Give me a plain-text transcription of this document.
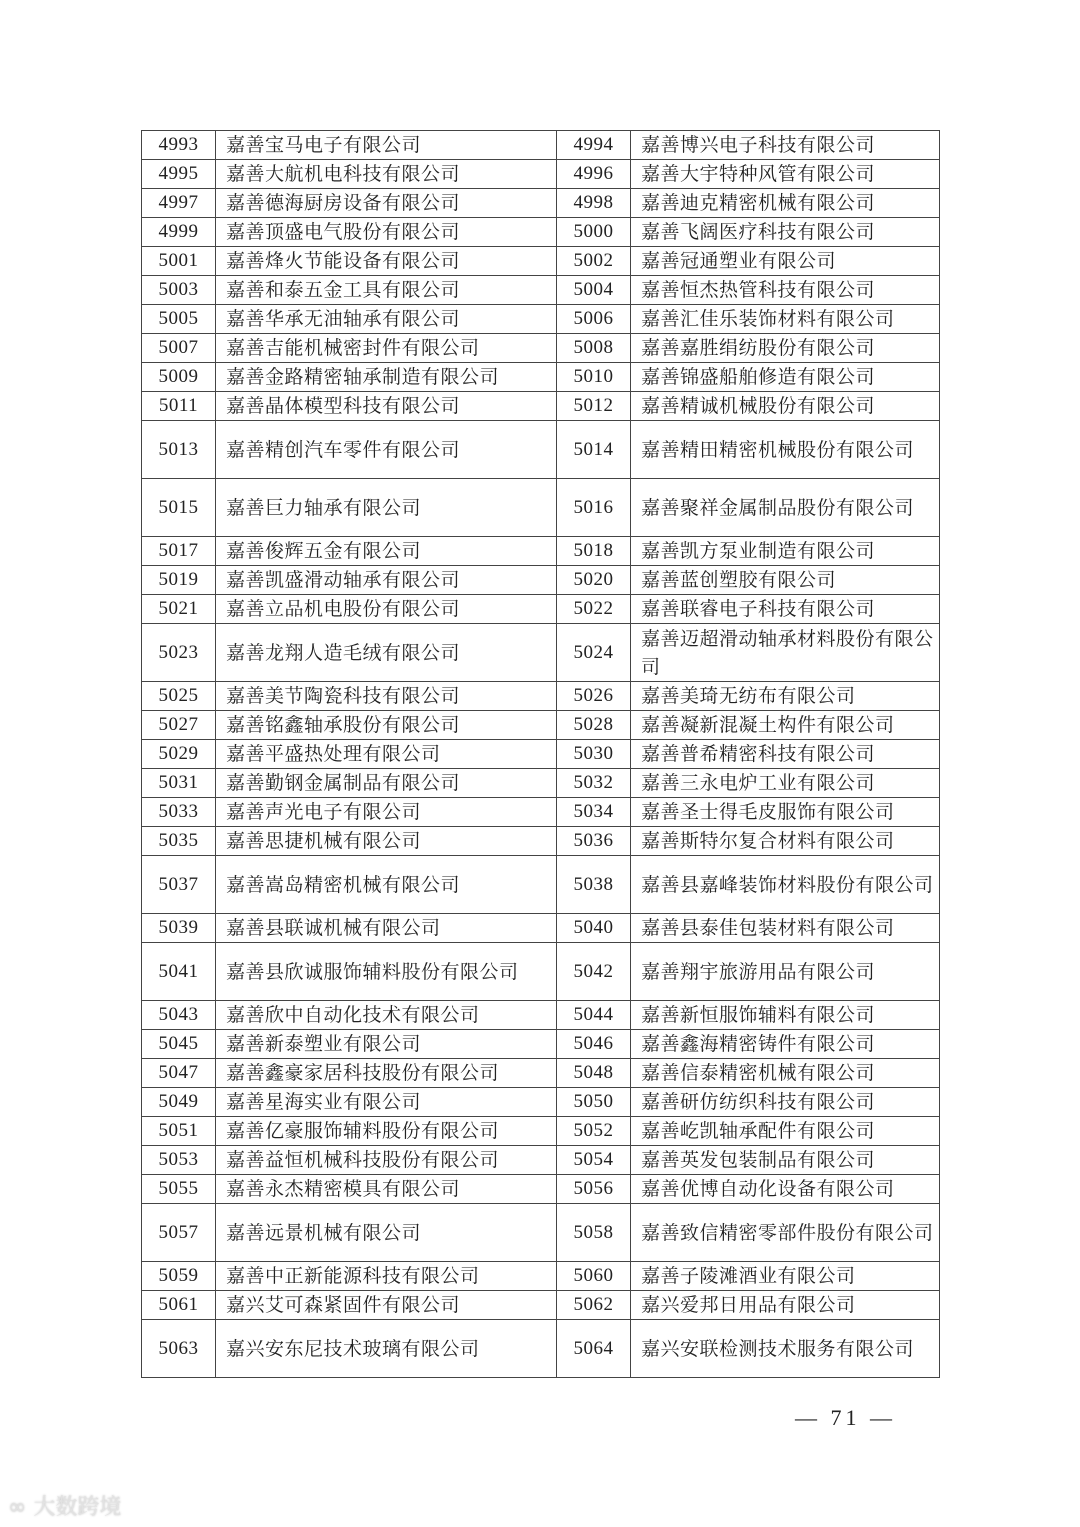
4993	嘉善宝马电子有限公司	4994	嘉善博兴电子科技有限公司
4995	嘉善大航机电科技有限公司	4996	嘉善大宇特种风管有限公司
4997	嘉善德海厨房设备有限公司	4998	嘉善迪克精密机械有限公司
4999	嘉善顶盛电气股份有限公司	5000	嘉善飞阔医疗科技有限公司
5001	嘉善烽火节能设备有限公司	5002	嘉善冠通塑业有限公司
5003	嘉善和泰五金工具有限公司	5004	嘉善恒杰热管科技有限公司
5005	嘉善华承无油轴承有限公司	5006	嘉善汇佳乐装饰材料有限公司
5007	嘉善吉能机械密封件有限公司	5008	嘉善嘉胜绢纺股份有限公司
5009	嘉善金路精密轴承制造有限公司	5010	嘉善锦盛船舶修造有限公司
5011	嘉善晶体模型科技有限公司	5012	嘉善精诚机械股份有限公司
5013	嘉善精创汽车零件有限公司	5014	嘉善精田精密机械股份有限公司
5015	嘉善巨力轴承有限公司	5016	嘉善聚祥金属制品股份有限公司
5017	嘉善俊辉五金有限公司	5018	嘉善凯方泵业制造有限公司
5019	嘉善凯盛滑动轴承有限公司	5020	嘉善蓝创塑胶有限公司
5021	嘉善立品机电股份有限公司	5022	嘉善联睿电子科技有限公司
5023	嘉善龙翔人造毛绒有限公司	5024	嘉善迈超滑动轴承材料股份有限公司
5025	嘉善美节陶瓷科技有限公司	5026	嘉善美琦无纺布有限公司
5027	嘉善铭鑫轴承股份有限公司	5028	嘉善凝新混凝土构件有限公司
5029	嘉善平盛热处理有限公司	5030	嘉善普希精密科技有限公司
5031	嘉善勤钢金属制品有限公司	5032	嘉善三永电炉工业有限公司
5033	嘉善声光电子有限公司	5034	嘉善圣士得毛皮服饰有限公司
5035	嘉善思捷机械有限公司	5036	嘉善斯特尔复合材料有限公司
5037	嘉善嵩岛精密机械有限公司	5038	嘉善县嘉峰装饰材料股份有限公司
5039	嘉善县联诚机械有限公司	5040	嘉善县泰佳包装材料有限公司
5041	嘉善县欣诚服饰辅料股份有限公司	5042	嘉善翔宇旅游用品有限公司
5043	嘉善欣中自动化技术有限公司	5044	嘉善新恒服饰辅料有限公司
5045	嘉善新泰塑业有限公司	5046	嘉善鑫海精密铸件有限公司
5047	嘉善鑫豪家居科技股份有限公司	5048	嘉善信泰精密机械有限公司
5049	嘉善星海实业有限公司	5050	嘉善研仿纺织科技有限公司
5051	嘉善亿豪服饰辅料股份有限公司	5052	嘉善屹凯轴承配件有限公司
5053	嘉善益恒机械科技股份有限公司	5054	嘉善英发包装制品有限公司
5055	嘉善永杰精密模具有限公司	5056	嘉善优博自动化设备有限公司
5057	嘉善远景机械有限公司	5058	嘉善致信精密零部件股份有限公司
5059	嘉善中正新能源科技有限公司	5060	嘉善子陵滩酒业有限公司
5061	嘉兴艾可森紧固件有限公司	5062	嘉兴爱邦日用品有限公司
5063	嘉兴安东尼技术玻璃有限公司	5064	嘉兴安联检测技术服务有限公司
— 71 —
∞ 大数跨境
